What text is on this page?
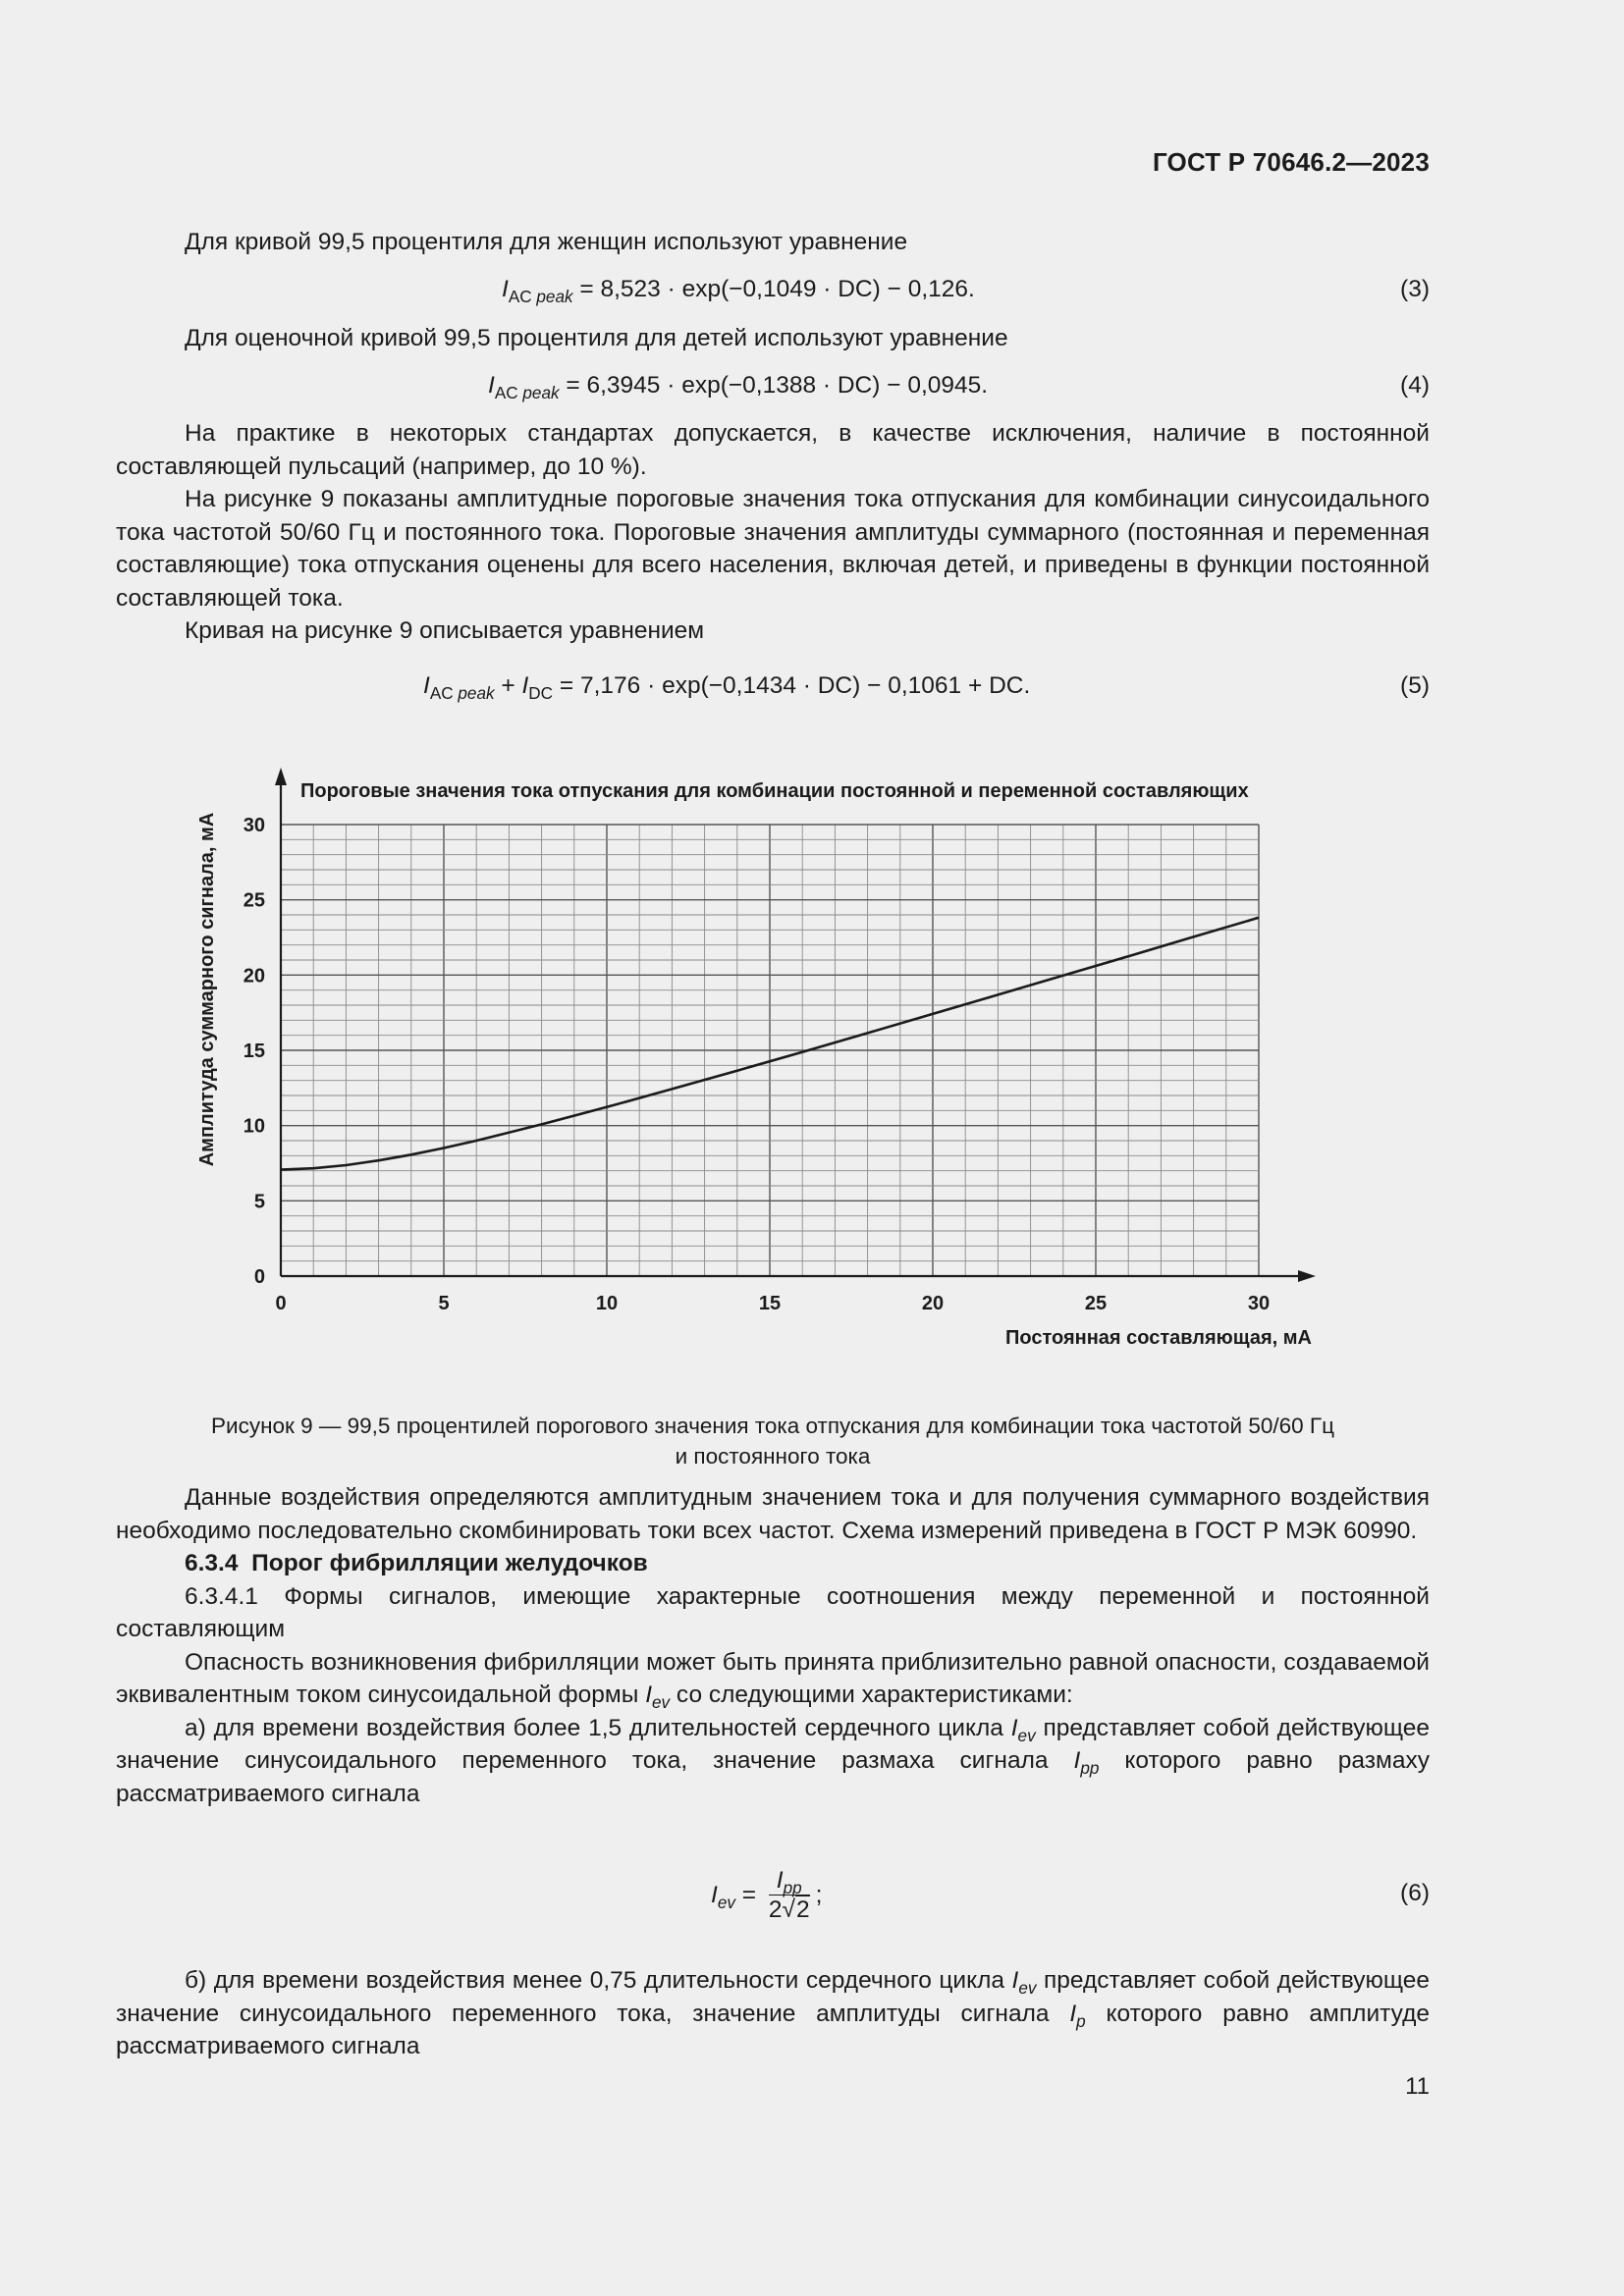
ГОСТ Р 70646.2—2023

Для кривой 99,5 процентиля для женщин используют уравнение

$I_{AC peak} = 8,523 \cdot \exp(-0,1049 \cdot DC) - 0,126$.	(3)

Для оценочной кривой 99,5 процентиля для детей используют уравнение

$I_{AC peak} = 6,3945 \cdot \exp(-0,1388 \cdot DC) - 0,0945$.	(4)

На практике в некоторых стандартах допускается, в качестве исключения, наличие в постоянной составляющей пульсаций (например, до 10 %).

На рисунке 9 показаны амплитудные пороговые значения тока отпускания для комбинации синусоидального тока частотой 50/60 Гц и постоянного тока. Пороговые значения амплитуды суммарного (постоянная и переменная составляющие) тока отпускания оценены для всего населения, включая детей, и приведены в функции постоянной составляющей тока.

Кривая на рисунке 9 описывается уравнением

$I_{AC peak} + I_{DC} = 7,176 \cdot \exp(-0,1434 \cdot DC) - 0,1061$ + DC.	(5)
0	5	10	15	20	25	30
0
5
10
15
20
25
30
Пороговые значения тока отпускания для комбинации постоянной и переменной составляющих
Постоянная составляющая, мА
Амплитуда суммарного сигнала, мА
Рисунок 9 — 99,5 процентилей порогового значения тока отпускания для комбинации тока частотой 50/60 Гц
и постоянного тока

Данные воздействия определяются амплитудным значением тока и для получения суммарного воздействия необходимо последовательно скомбинировать токи всех частот. Схема измерений приведена в ГОСТ Р МЭК 60990.

6.3.4 Порог фибрилляции желудочков

6.3.4.1 Формы сигналов, имеющие характерные соотношения между переменной и постоянной составляющим

Опасность возникновения фибрилляции может быть принята приблизительно равной опасности, создаваемой эквивалентным током синусоидальной формы $I_{ev}$ со следующими характеристиками:

а) для времени воздействия более 1,5 длительностей сердечного цикла $I_{ev}$ представляет собой действующее значение синусоидального переменного тока, значение размаха сигнала $I_{pp}$ которого равно размаху рассматриваемого сигнала

$I_{ev} = \frac{I_{pp}}{2√2}$ ;	(6)

б) для времени воздействия менее 0,75 длительности сердечного цикла $I_{ev}$ представляет собой действующее значение синусоидального переменного тока, значение амплитуды сигнала $I_p$ которого равно амплитуде рассматриваемого сигнала

11
